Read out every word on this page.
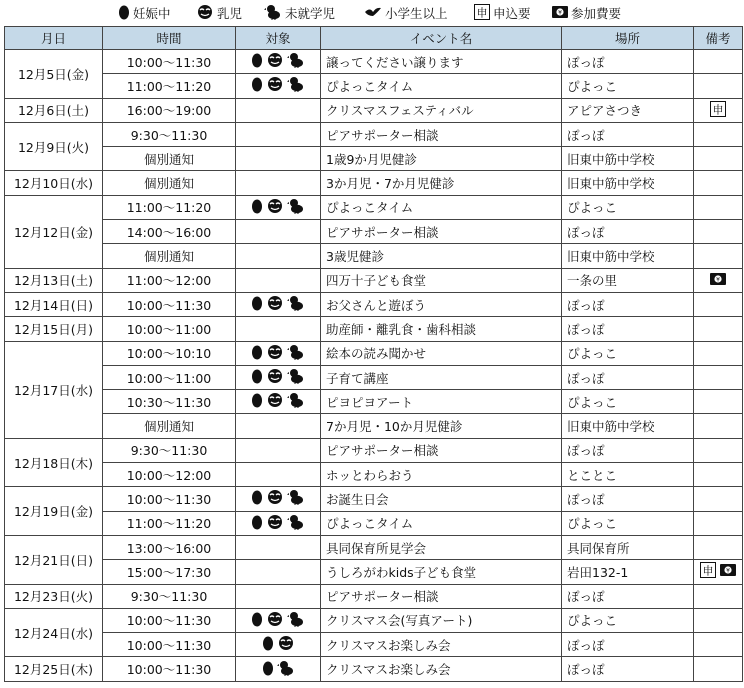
妊娠中	乳児	未就学児	小学生以上	申 申込要	¥ 参加費要
月日	時間	対象	イベント名	場所	備考
12月5日(金)	10:00〜11:30		譲ってください譲ります	ぽっぽ	
	11:00〜11:20		ぴよっこタイム	ぴよっこ	
12月6日(土)	16:00〜19:00		クリスマスフェスティバル	アピアさつき	申

12月9日(火)	9:30〜11:30		ピアサポーター相談	ぽっぽ	
	個別通知		1歳9か月児健診	旧東中筋中学校	
12月10日(水)	個別通知		3か月児・7か月児健診	旧東中筋中学校	
12月12日(金)	11:00〜11:20		ぴよっこタイム	ぴよっこ	
	14:00〜16:00		ピアサポーター相談	ぽっぽ	
	個別通知		3歳児健診	旧東中筋中学校	
12月13日(土)	11:00〜12:00		四万十子ども食堂	一条の里	¥

12月14日(日)	10:00〜11:30		お父さんと遊ぼう	ぽっぽ	
12月15日(月)	10:00〜11:00		助産師・離乳食・歯科相談	ぽっぽ	
12月17日(水)	10:00〜10:10		絵本の読み聞かせ	ぴよっこ	
	10:00〜11:00		子育て講座	ぽっぽ	
	10:30〜11:30		ピヨピヨアート	ぴよっこ	
	個別通知		7か月児・10か月児健診	旧東中筋中学校	
12月18日(木)	9:30〜11:30		ピアサポーター相談	ぽっぽ	
	10:00〜12:00		ホッとわらおう	とことこ	
12月19日(金)	10:00〜11:30		お誕生日会	ぽっぽ	
	11:00〜11:20		ぴよっこタイム	ぴよっこ	
12月21日(日)	13:00〜16:00		具同保育所見学会	具同保育所	
	15:00〜17:30		うしろがわkids子ども食堂	岩田132-1	申 ¥

12月23日(火)	9:30〜11:30		ピアサポーター相談	ぽっぽ	
12月24日(水)	10:00〜11:30		クリスマス会(写真アート)	ぴよっこ	
	10:00〜11:30		クリスマスお楽しみ会	ぽっぽ	
12月25日(木)	10:00〜11:30		クリスマスお楽しみ会	ぽっぽ	
